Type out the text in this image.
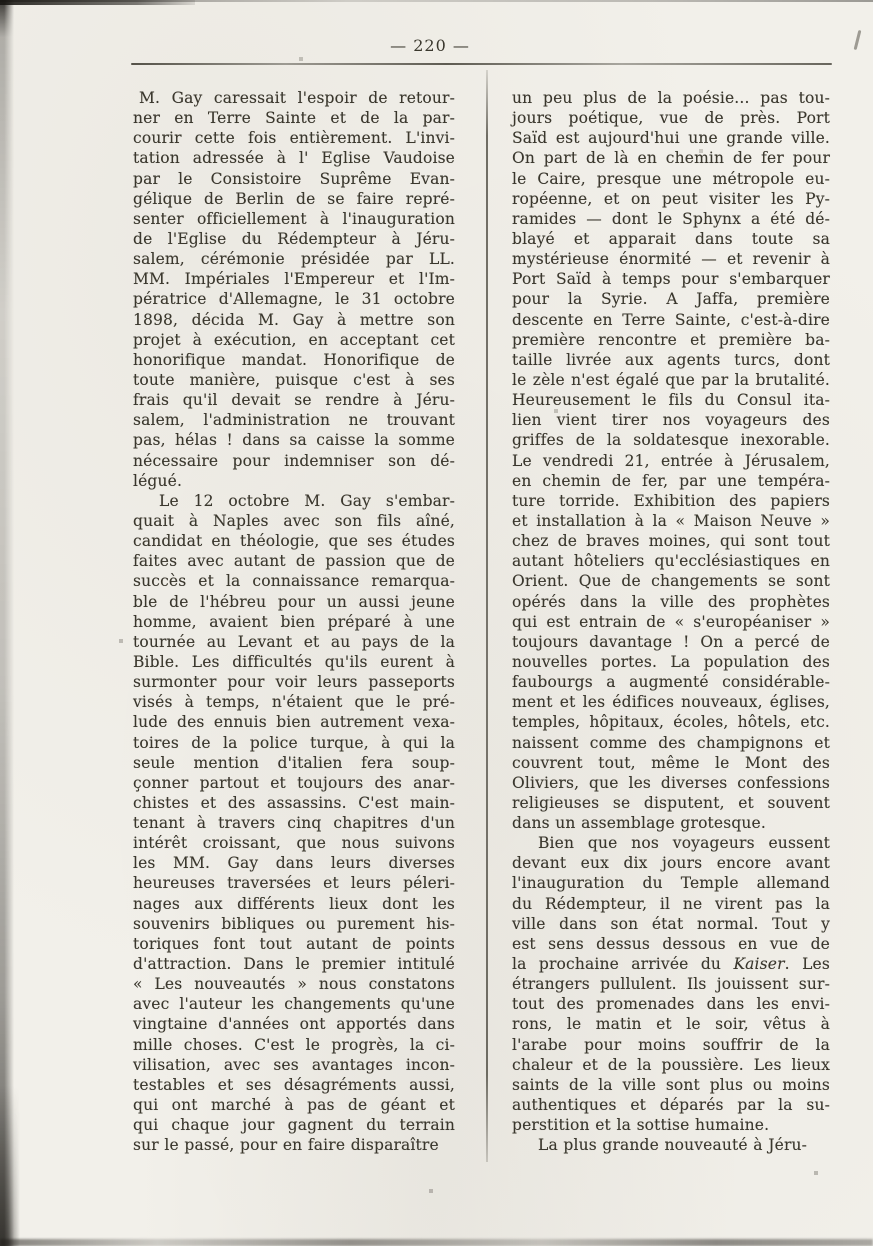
— 220 —
M. Gay caressait l'espoir de retour-
ner en Terre Sainte et de la par-
courir cette fois entièrement. L'invi-
tation adressée à l' Eglise Vaudoise
par le Consistoire Suprême Evan-
gélique de Berlin de se faire repré-
senter officiellement à l'inauguration
de l'Eglise du Rédempteur à Jéru-
salem, cérémonie présidée par LL.
MM. Impériales l'Empereur et l'Im-
pératrice d'Allemagne, le 31 octobre
1898, décida M. Gay à mettre son
projet à exécution, en acceptant cet
honorifique mandat. Honorifique de
toute manière, puisque c'est à ses
frais qu'il devait se rendre à Jéru-
salem, l'administration ne trouvant
pas, hélas ! dans sa caisse la somme
nécessaire pour indemniser son dé-
légué.
Le 12 octobre M. Gay s'embar-
quait à Naples avec son fils aîné,
candidat en théologie, que ses études
faites avec autant de passion que de
succès et la connaissance remarqua-
ble de l'hébreu pour un aussi jeune
homme, avaient bien préparé à une
tournée au Levant et au pays de la
Bible. Les difficultés qu'ils eurent à
surmonter pour voir leurs passeports
visés à temps, n'étaient que le pré-
lude des ennuis bien autrement vexa-
toires de la police turque, à qui la
seule mention d'italien fera soup-
çonner partout et toujours des anar-
chistes et des assassins. C'est main-
tenant à travers cinq chapitres d'un
intérêt croissant, que nous suivons
les MM. Gay dans leurs diverses
heureuses traversées et leurs péleri-
nages aux différents lieux dont les
souvenirs bibliques ou purement his-
toriques font tout autant de points
d'attraction. Dans le premier intitulé
« Les nouveautés » nous constatons
avec l'auteur les changements qu'une
vingtaine d'années ont apportés dans
mille choses. C'est le progrès, la ci-
vilisation, avec ses avantages incon-
testables et ses désagréments aussi,
qui ont marché à pas de géant et
qui chaque jour gagnent du terrain
sur le passé, pour en faire disparaître
un peu plus de la poésie... pas tou-
jours poétique, vue de près. Port
Saïd est aujourd'hui une grande ville.
On part de là en chemin de fer pour
le Caire, presque une métropole eu-
ropéenne, et on peut visiter les Py-
ramides — dont le Sphynx a été dé-
blayé et apparait dans toute sa
mystérieuse énormité — et revenir à
Port Saïd à temps pour s'embarquer
pour la Syrie. A Jaffa, première
descente en Terre Sainte, c'est-à-dire
première rencontre et première ba-
taille livrée aux agents turcs, dont
le zèle n'est égalé que par la brutalité.
Heureusement le fils du Consul ita-
lien vient tirer nos voyageurs des
griffes de la soldatesque inexorable.
Le vendredi 21, entrée à Jérusalem,
en chemin de fer, par une tempéra-
ture torride. Exhibition des papiers
et installation à la « Maison Neuve »
chez de braves moines, qui sont tout
autant hôteliers qu'ecclésiastiques en
Orient. Que de changements se sont
opérés dans la ville des prophètes
qui est entrain de « s'européaniser »
toujours davantage ! On a percé de
nouvelles portes. La population des
faubourgs a augmenté considérable-
ment et les édifices nouveaux, églises,
temples, hôpitaux, écoles, hôtels, etc.
naissent comme des champignons et
couvrent tout, même le Mont des
Oliviers, que les diverses confessions
religieuses se disputent, et souvent
dans un assemblage grotesque.
Bien que nos voyageurs eussent
devant eux dix jours encore avant
l'inauguration du Temple allemand
du Rédempteur, il ne virent pas la
ville dans son état normal. Tout y
est sens dessus dessous en vue de
la prochaine arrivée du Kaiser. Les
étrangers pullulent. Ils jouissent sur-
tout des promenades dans les envi-
rons, le matin et le soir, vêtus à
l'arabe pour moins souffrir de la
chaleur et de la poussière. Les lieux
saints de la ville sont plus ou moins
authentiques et déparés par la su-
perstition et la sottise humaine.
La plus grande nouveauté à Jéru-
